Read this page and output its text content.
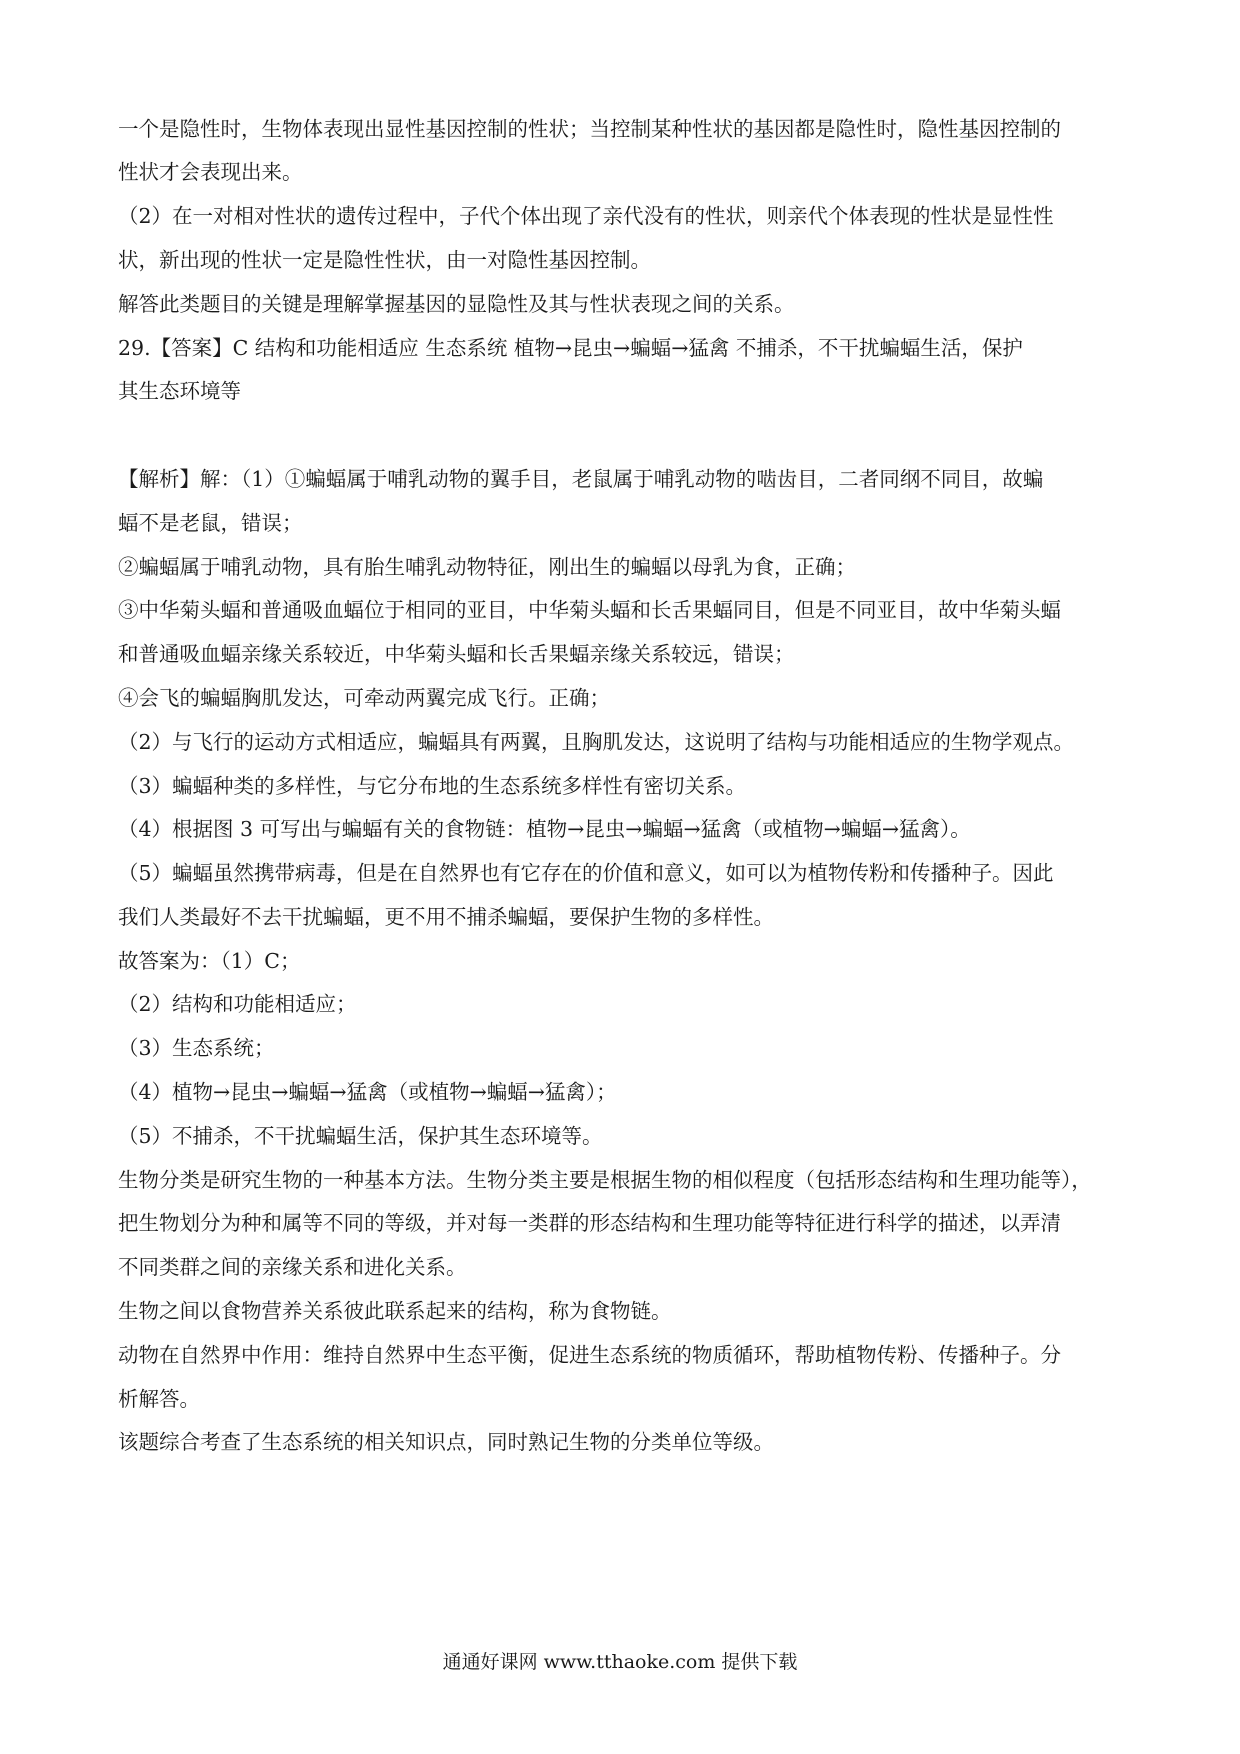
一个是隐性时，生物体表现出显性基因控制的性状；当控制某种性状的基因都是隐性时，隐性基因控制的
性状才会表现出来。
（2）在一对相对性状的遗传过程中，子代个体出现了亲代没有的性状，则亲代个体表现的性状是显性性
状，新出现的性状一定是隐性性状，由一对隐性基因控制。
解答此类题目的关键是理解掌握基因的显隐性及其与性状表现之间的关系。
29.【答案】C 结构和功能相适应 生态系统 植物→昆虫→蝙蝠→猛禽 不捕杀，不干扰蝙蝠生活，保护
其生态环境等
【解析】解：（1）①蝙蝠属于哺乳动物的翼手目，老鼠属于哺乳动物的啮齿目，二者同纲不同目，故蝙
蝠不是老鼠，错误；
②蝙蝠属于哺乳动物，具有胎生哺乳动物特征，刚出生的蝙蝠以母乳为食，正确；
③中华菊头蝠和普通吸血蝠位于相同的亚目，中华菊头蝠和长舌果蝠同目，但是不同亚目，故中华菊头蝠
和普通吸血蝠亲缘关系较近，中华菊头蝠和长舌果蝠亲缘关系较远，错误；
④会飞的蝙蝠胸肌发达，可牵动两翼完成飞行。正确；
（2）与飞行的运动方式相适应，蝙蝠具有两翼，且胸肌发达，这说明了结构与功能相适应的生物学观点。
（3）蝙蝠种类的多样性，与它分布地的生态系统多样性有密切关系。
（4）根据图 3 可写出与蝙蝠有关的食物链：植物→昆虫→蝙蝠→猛禽（或植物→蝙蝠→猛禽）。
（5）蝙蝠虽然携带病毒，但是在自然界也有它存在的价值和意义，如可以为植物传粉和传播种子。因此
我们人类最好不去干扰蝙蝠，更不用不捕杀蝙蝠，要保护生物的多样性。
故答案为：（1）C；
（2）结构和功能相适应；
（3）生态系统；
（4）植物→昆虫→蝙蝠→猛禽（或植物→蝙蝠→猛禽）；
（5）不捕杀，不干扰蝙蝠生活，保护其生态环境等。
生物分类是研究生物的一种基本方法。生物分类主要是根据生物的相似程度（包括形态结构和生理功能等），
把生物划分为种和属等不同的等级，并对每一类群的形态结构和生理功能等特征进行科学的描述，以弄清
不同类群之间的亲缘关系和进化关系。
生物之间以食物营养关系彼此联系起来的结构，称为食物链。
动物在自然界中作用：维持自然界中生态平衡，促进生态系统的物质循环，帮助植物传粉、传播种子。分
析解答。
该题综合考查了生态系统的相关知识点，同时熟记生物的分类单位等级。
通通好课网 www.tthaoke.com 提供下载
